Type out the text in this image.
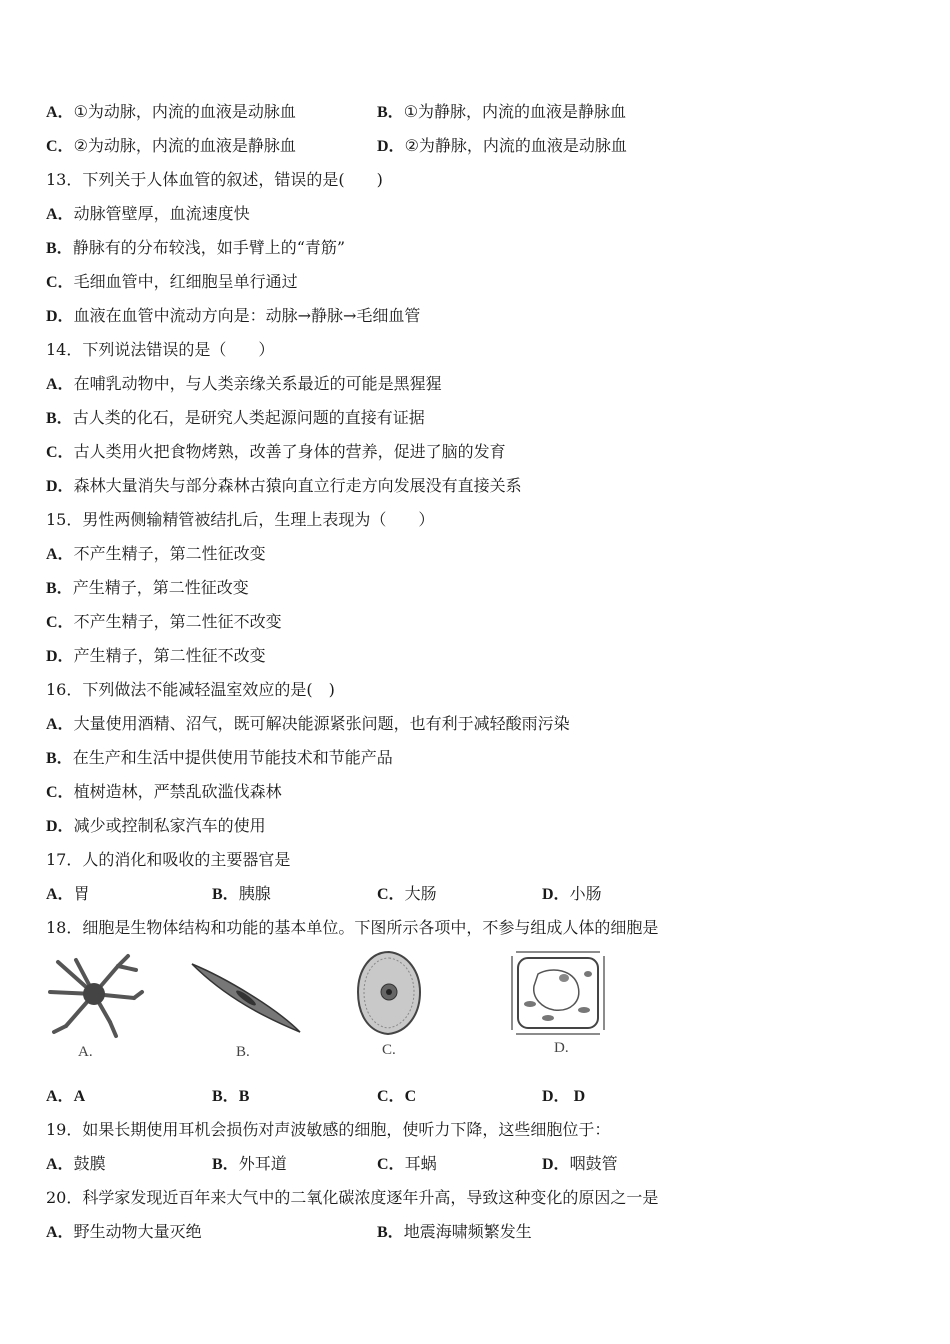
A．①为动脉，内流的血液是动脉血	B．①为静脉，内流的血液是静脉血
C．②为动脉，内流的血液是静脉血	D．②为静脉，内流的血液是动脉血
13．下列关于人体血管的叙述，错误的是(　　)
A．动脉管壁厚，血流速度快
B．静脉有的分布较浅，如手臂上的“青筋”
C．毛细血管中，红细胞呈单行通过
D．血液在血管中流动方向是：动脉→静脉→毛细血管
14．下列说法错误的是（　　）
A．在哺乳动物中，与人类亲缘关系最近的可能是黑猩猩
B．古人类的化石，是研究人类起源问题的直接有证据
C．古人类用火把食物烤熟，改善了身体的营养，促进了脑的发育
D．森林大量消失与部分森林古猿向直立行走方向发展没有直接关系
15．男性两侧输精管被结扎后，生理上表现为（　　）
A．不产生精子，第二性征改变
B．产生精子，第二性征改变
C．不产生精子，第二性征不改变
D．产生精子，第二性征不改变
16．下列做法不能减轻温室效应的是(　)
A．大量使用酒精、沼气，既可解决能源紧张问题，也有利于减轻酸雨污染
B．在生产和生活中提供使用节能技术和节能产品
C．植树造林，严禁乱砍滥伐森林
D．减少或控制私家汽车的使用
17．人的消化和吸收的主要器官是
A．胃	B．胰腺	C．大肠	D．小肠
18．细胞是生物体结构和功能的基本单位。下图所示各项中，不参与组成人体的细胞是
A.	B.	C.	D.
A．A	B．B	C．C	D． D
19．如果长期使用耳机会损伤对声波敏感的细胞，使听力下降，这些细胞位于：
A．鼓膜	B．外耳道	C．耳蜗	D．咽鼓管
20．科学家发现近百年来大气中的二氧化碳浓度逐年升高，导致这种变化的原因之一是
A．野生动物大量灭绝	B．地震海啸频繁发生
